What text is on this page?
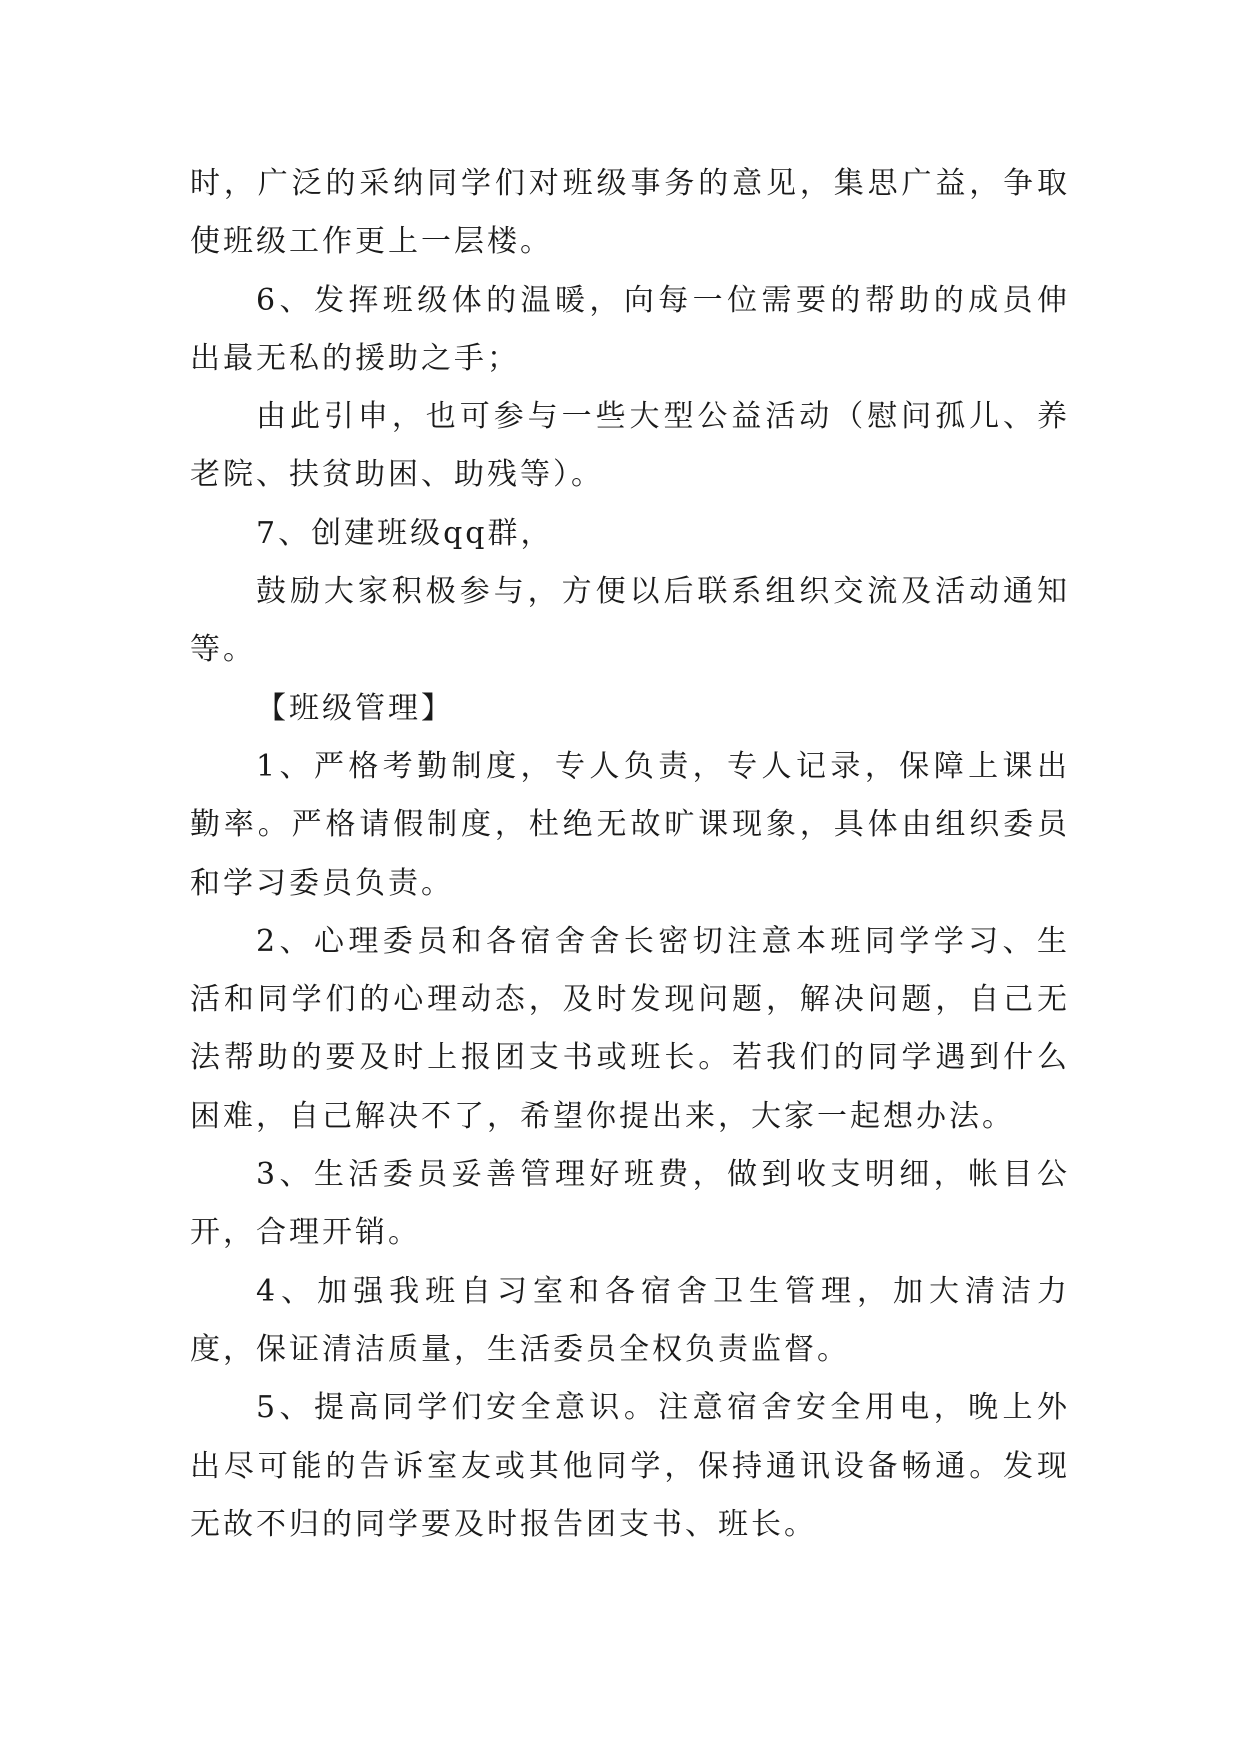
时，广泛的采纳同学们对班级事务的意见，集思广益，争取使班级工作更上一层楼。

6、发挥班级体的温暖，向每一位需要的帮助的成员伸出最无私的援助之手；

由此引申，也可参与一些大型公益活动（慰问孤儿、养老院、扶贫助困、助残等）。

7、创建班级qq群，

鼓励大家积极参与，方便以后联系组织交流及活动通知等。

【班级管理】

1、严格考勤制度，专人负责，专人记录，保障上课出勤率。严格请假制度，杜绝无故旷课现象，具体由组织委员和学习委员负责。

2、心理委员和各宿舍舍长密切注意本班同学学习、生活和同学们的心理动态，及时发现问题，解决问题，自己无法帮助的要及时上报团支书或班长。若我们的同学遇到什么困难，自己解决不了，希望你提出来，大家一起想办法。

3、生活委员妥善管理好班费，做到收支明细，帐目公开，合理开销。

4、加强我班自习室和各宿舍卫生管理，加大清洁力度，保证清洁质量，生活委员全权负责监督。

5、提高同学们安全意识。注意宿舍安全用电，晚上外出尽可能的告诉室友或其他同学，保持通讯设备畅通。发现无故不归的同学要及时报告团支书、班长。
